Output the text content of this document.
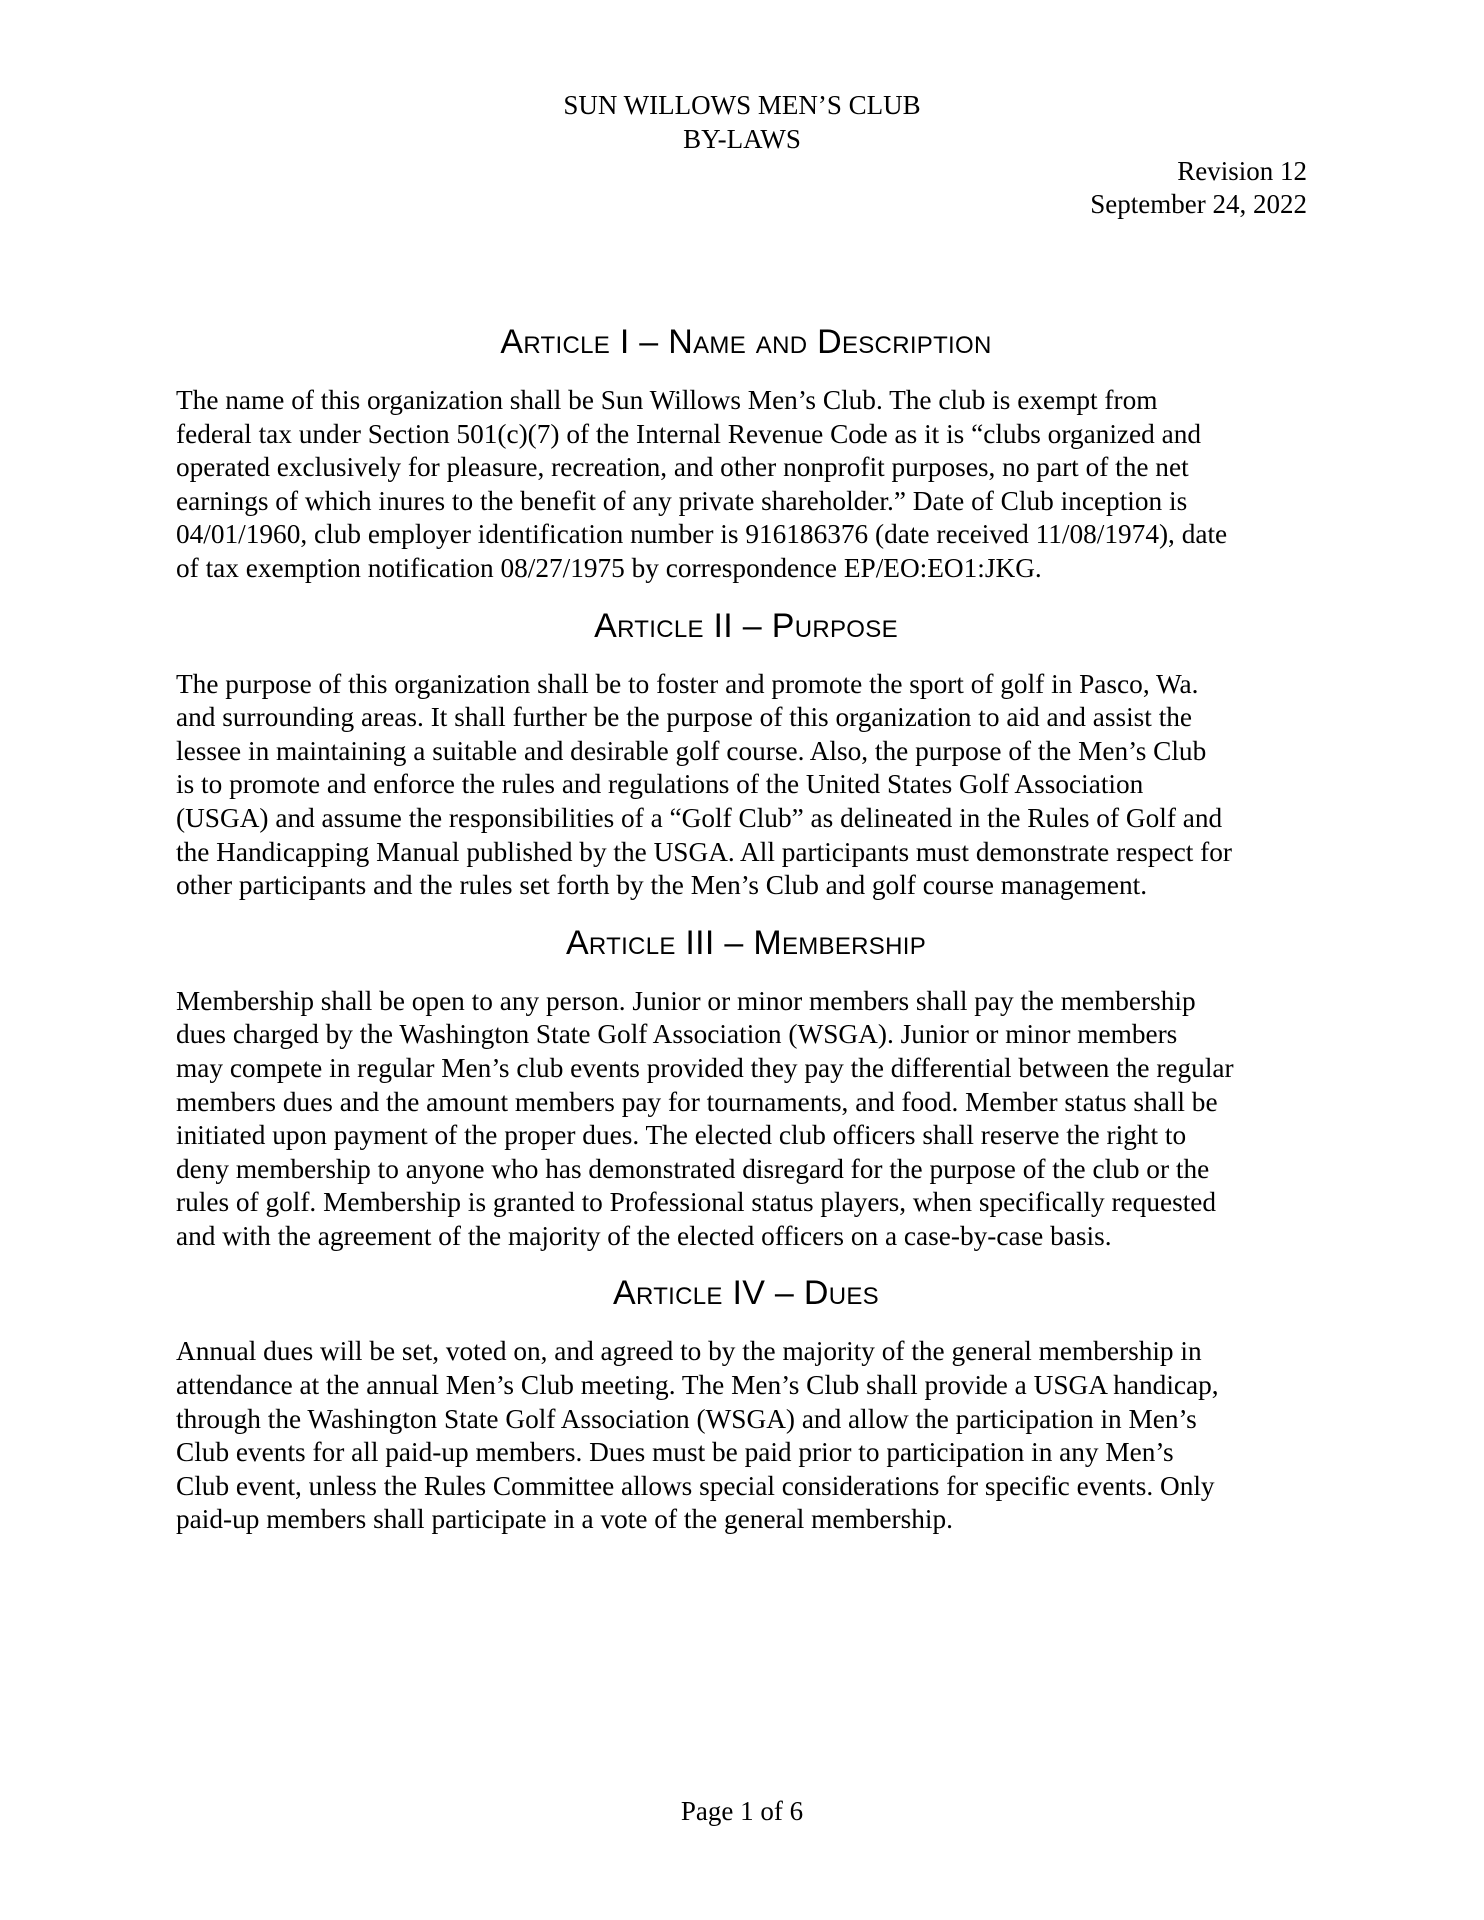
SUN WILLOWS MEN’S CLUB
BY-LAWS
Revision 12
September 24, 2022
Article I – Name and Description

The name of this organization shall be Sun Willows Men’s Club. The club is exempt from
federal tax under Section 501(c)(7) of the Internal Revenue Code as it is “clubs organized and
operated exclusively for pleasure, recreation, and other nonprofit purposes, no part of the net
earnings of which inures to the benefit of any private shareholder.” Date of Club inception is
04/01/1960, club employer identification number is 916186376 (date received 11/08/1974), date
of tax exemption notification 08/27/1975 by correspondence EP/EO:EO1:JKG.

Article II – Purpose

The purpose of this organization shall be to foster and promote the sport of golf in Pasco, Wa.
and surrounding areas. It shall further be the purpose of this organization to aid and assist the
lessee in maintaining a suitable and desirable golf course. Also, the purpose of the Men’s Club
is to promote and enforce the rules and regulations of the United States Golf Association
(USGA) and assume the responsibilities of a “Golf Club” as delineated in the Rules of Golf and
the Handicapping Manual published by the USGA. All participants must demonstrate respect for
other participants and the rules set forth by the Men’s Club and golf course management.

Article III – Membership

Membership shall be open to any person. Junior or minor members shall pay the membership
dues charged by the Washington State Golf Association (WSGA). Junior or minor members
may compete in regular Men’s club events provided they pay the differential between the regular
members dues and the amount members pay for tournaments, and food. Member status shall be
initiated upon payment of the proper dues. The elected club officers shall reserve the right to
deny membership to anyone who has demonstrated disregard for the purpose of the club or the
rules of golf. Membership is granted to Professional status players, when specifically requested
and with the agreement of the majority of the elected officers on a case-by-case basis.

Article IV – Dues

Annual dues will be set, voted on, and agreed to by the majority of the general membership in
attendance at the annual Men’s Club meeting. The Men’s Club shall provide a USGA handicap,
through the Washington State Golf Association (WSGA) and allow the participation in Men’s
Club events for all paid-up members. Dues must be paid prior to participation in any Men’s
Club event, unless the Rules Committee allows special considerations for specific events. Only
paid-up members shall participate in a vote of the general membership.

Page 1 of 6
